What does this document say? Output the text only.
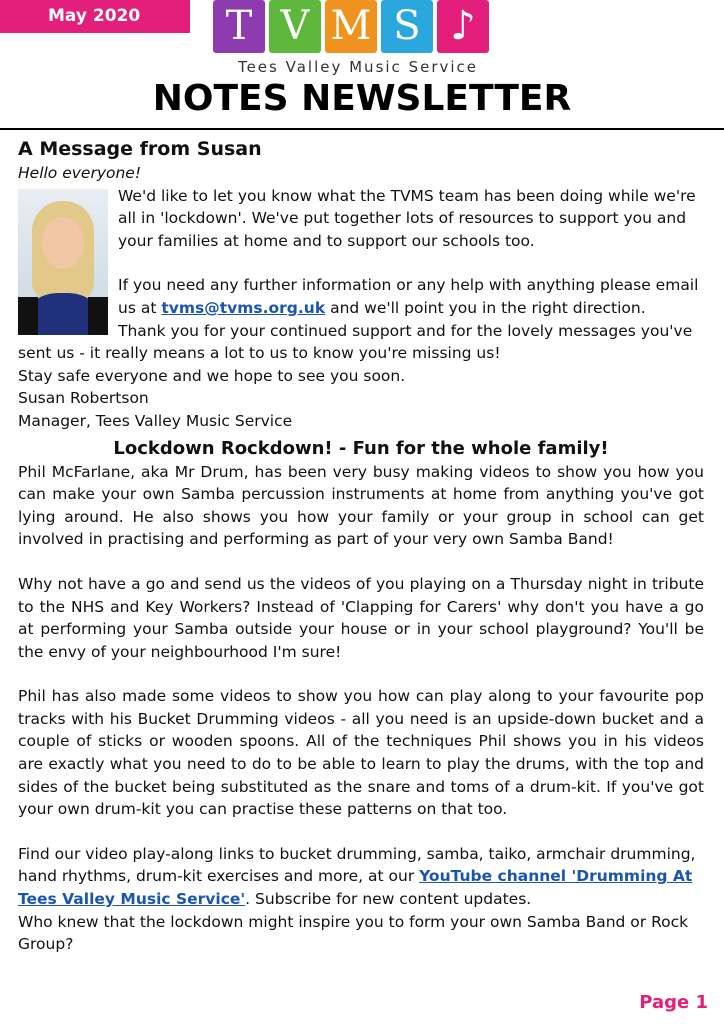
May 2020	T V M S ♪
Tees Valley Music Service
NOTES NEWSLETTER
A Message from Susan

Hello everyone!

We'd like to let you know what the TVMS team has been doing while we're all in 'lockdown'. We've put together lots of resources to support you and your families at home and to support our schools too.

If you need any further information or any help with anything please email us at tvms@tvms.org.uk and we'll point you in the right direction.

Thank you for your continued support and for the lovely messages you've sent us - it really means a lot to us to know you're missing us!

Stay safe everyone and we hope to see you soon.

Susan Robertson

Manager, Tees Valley Music Service

Lockdown Rockdown! - Fun for the whole family!

Phil McFarlane, aka Mr Drum, has been very busy making videos to show you how you can make your own Samba percussion instruments at home from anything you've got lying around. He also shows you how your family or your group in school can get involved in practising and performing as part of your very own Samba Band!

Why not have a go and send us the videos of you playing on a Thursday night in tribute to the NHS and Key Workers? Instead of 'Clapping for Carers' why don't you have a go at performing your Samba outside your house or in your school playground? You'll be the envy of your neighbourhood I'm sure!

Phil has also made some videos to show you how can play along to your favourite pop tracks with his Bucket Drumming videos - all you need is an upside-down bucket and a couple of sticks or wooden spoons. All of the techniques Phil shows you in his videos are exactly what you need to do to be able to learn to play the drums, with the top and sides of the bucket being substituted as the snare and toms of a drum-kit. If you've got your own drum-kit you can practise these patterns on that too.

Find our video play-along links to bucket drumming, samba, taiko, armchair drumming, hand rhythms, drum-kit exercises and more, at our YouTube channel 'Drumming At Tees Valley Music Service'. Subscribe for new content updates.

Who knew that the lockdown might inspire you to form your own Samba Band or Rock Group?

Page 1
